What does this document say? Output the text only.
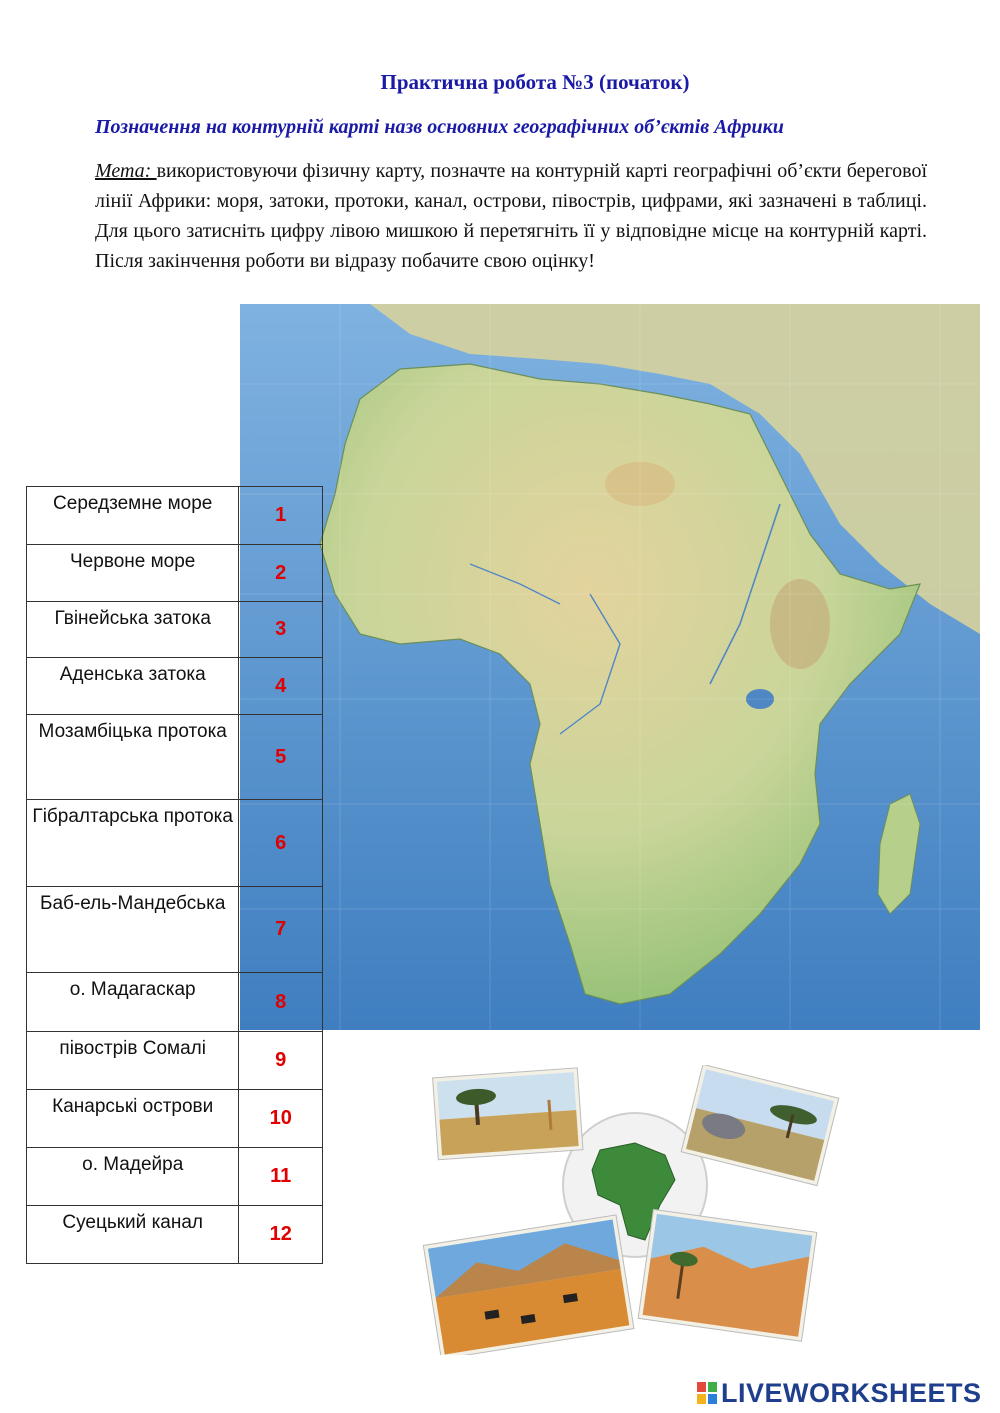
Практична робота №3 (початок)
Позначення на контурній карті назв основних географічних об’єктів Африки
Мета: використовуючи фізичну карту, позначте на контурній карті географічні об’єкти берегової лінії Африки: моря, затоки, протоки, канал, острови, півострів, цифрами, які зазначені в таблиці. Для цього затисніть цифру лівою мишкою й перетягніть її у відповідне місце на контурній карті. Після закінчення роботи ви відразу побачите свою оцінку!
Середземне море	1
Червоне море	2
Гвінейська затока	3
Аденська затока	4
Мозамбіцька протока	5
Гібралтарська протока	6
Баб-ель-Мандебська	7
о. Мадагаскар	8
півострів Сомалі	9
Канарські острови	10
о. Мадейра	11
Суецький канал	12
LIVEWORKSHEETS
